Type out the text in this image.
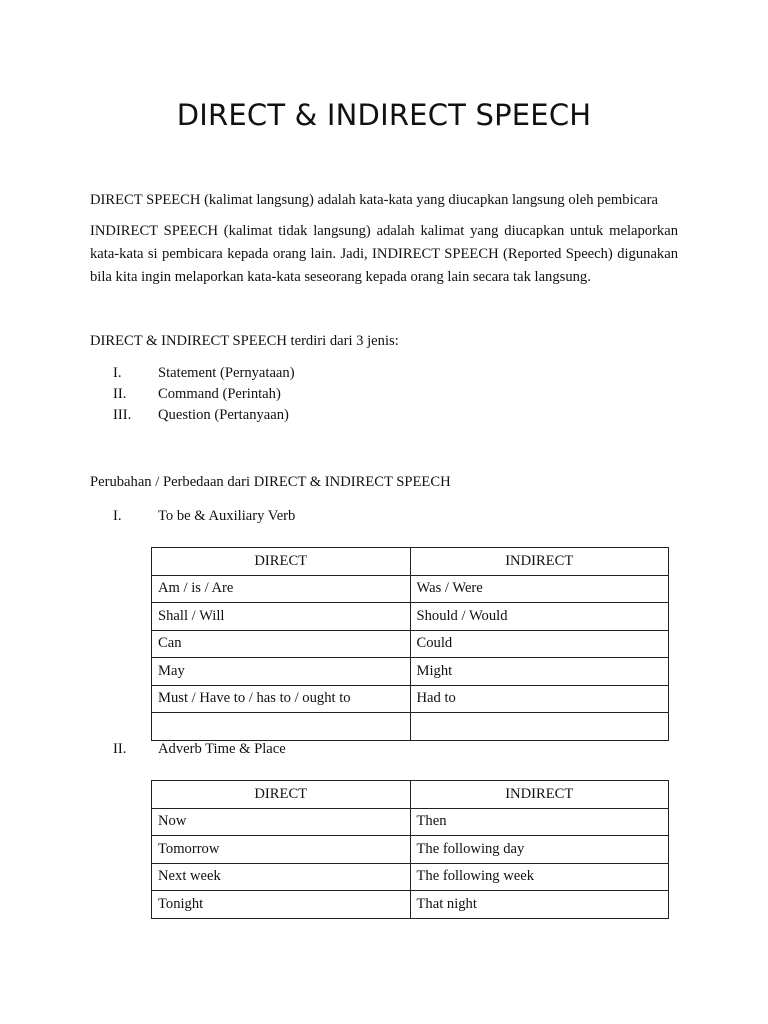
DIRECT & INDIRECT SPEECH

DIRECT SPEECH (kalimat langsung) adalah kata-kata yang diucapkan langsung oleh pembicara

INDIRECT SPEECH (kalimat tidak langsung) adalah kalimat yang diucapkan untuk melaporkan kata-kata si pembicara kepada orang lain. Jadi, INDIRECT SPEECH (Reported Speech) digunakan bila kita ingin melaporkan kata-kata seseorang kepada orang lain secara tak langsung.

DIRECT & INDIRECT SPEECH terdiri dari 3 jenis:

I.	Statement (Pernyataan)
II.	Command (Perintah)
III.	Question (Pertanyaan)

Perubahan / Perbedaan dari DIRECT & INDIRECT SPEECH

I.	To be & Auxiliary Verb
DIRECT	INDIRECT
Am / is / Are	Was / Were
Shall / Will	Should / Would
Can	Could
May	Might
Must / Have to / has to / ought to	Had to

II.	Adverb Time & Place
DIRECT	INDIRECT
Now	Then
Tomorrow	The following day
Next week	The following week
Tonight	That night
